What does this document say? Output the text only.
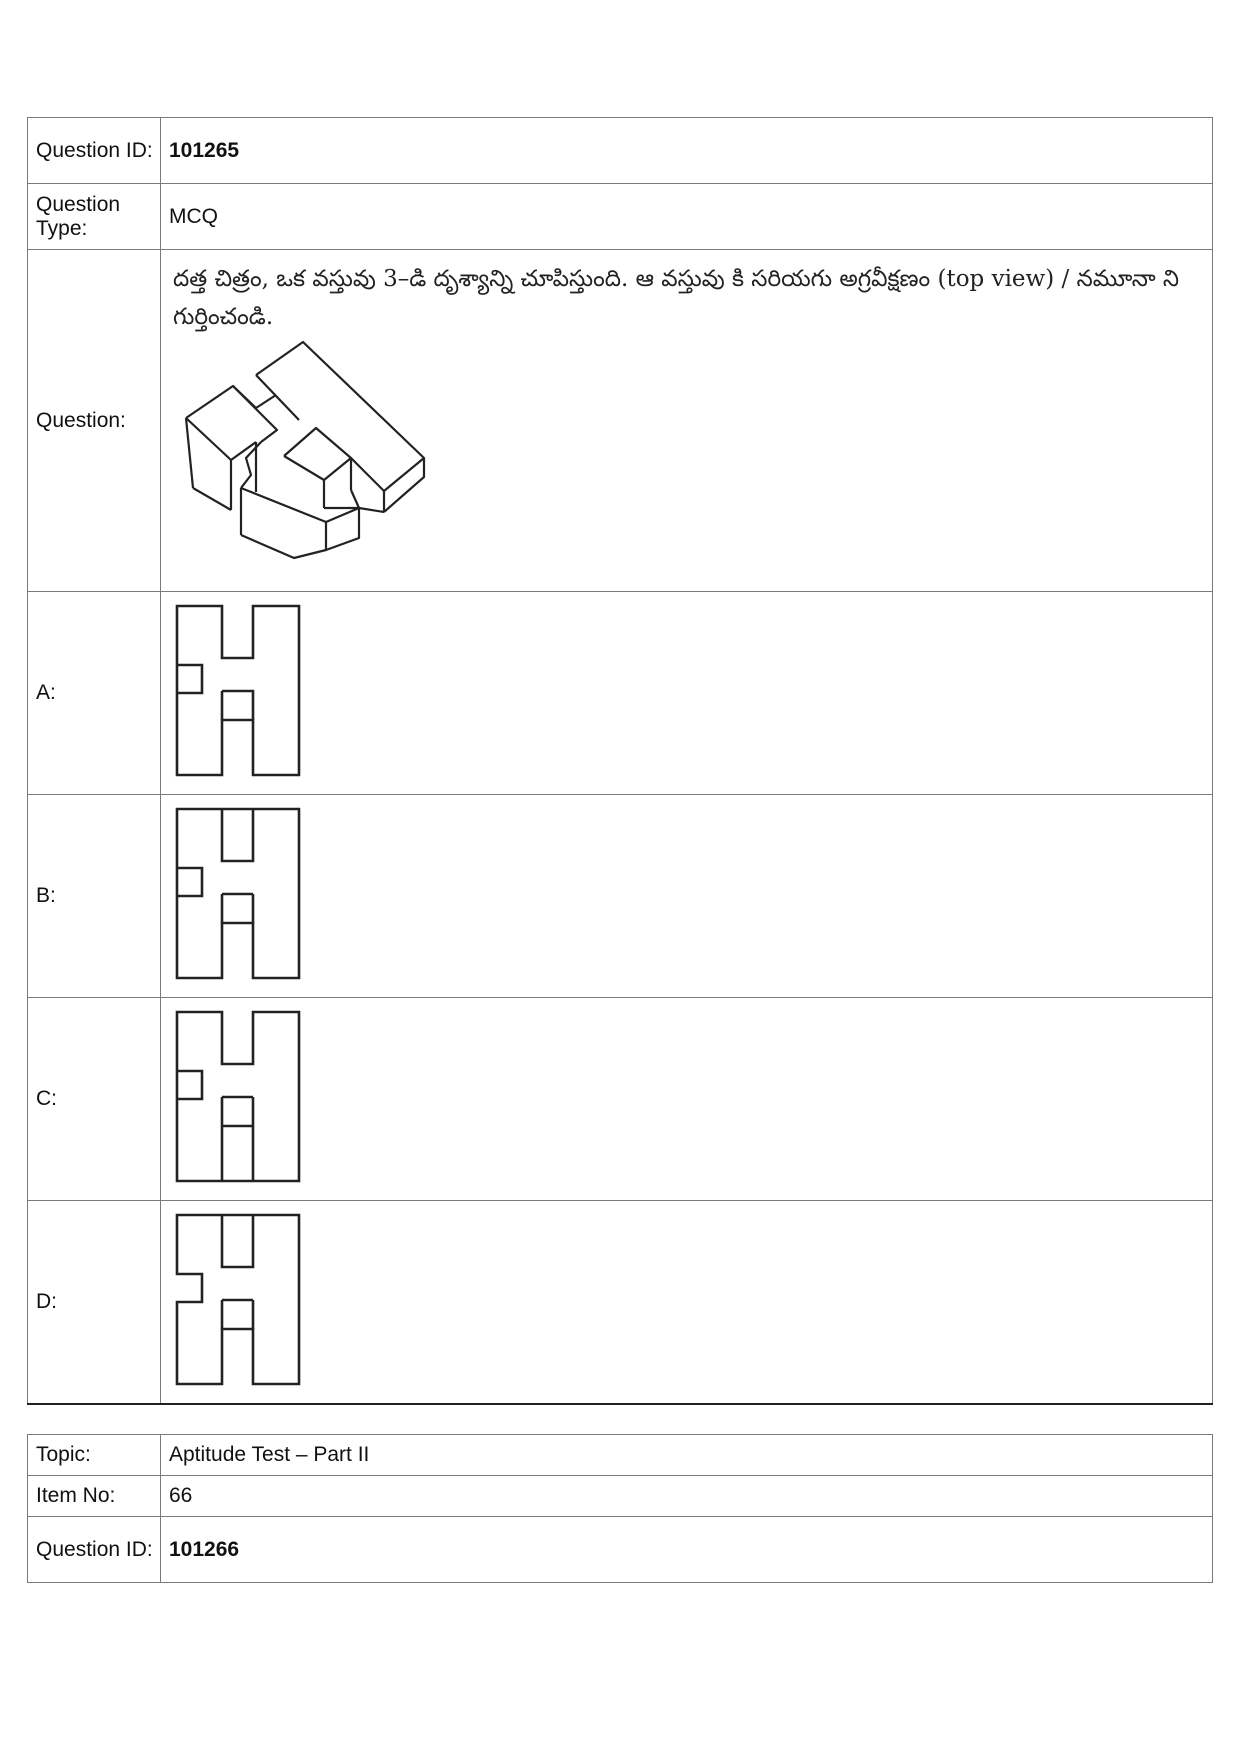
Question ID:	101265
Question Type:	MCQ
Question:	దత్త చిత్రం, ఒక వస్తువు 3–డి దృశ్యాన్ని చూపిస్తుంది. ఆ వస్తువు కి సరియగు అగ్రవీక్షణం (top view) / నమూనా ని గుర్తించండి.

A:	

B:	

C:	

D:	
Topic:	Aptitude Test – Part II
Item No:	66
Question ID:	101266
